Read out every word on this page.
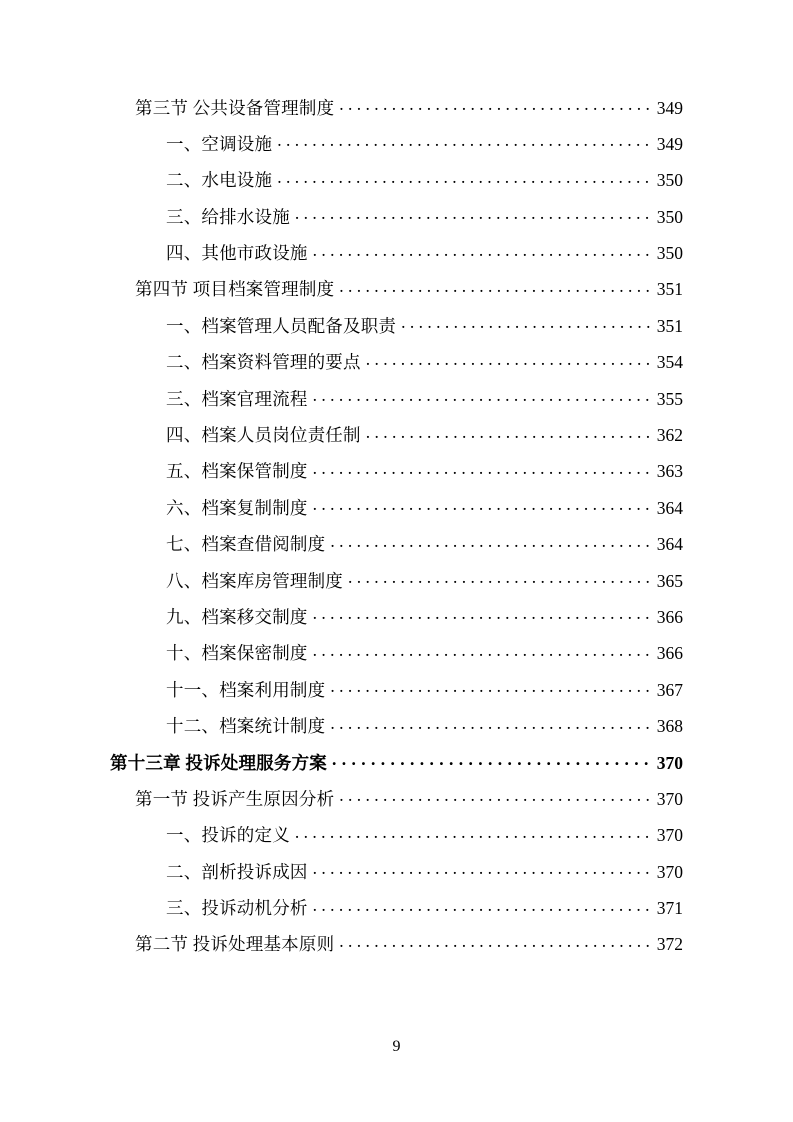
第三节 公共设备管理制度 . . .	349
一、空调设施 . . .	349
二、水电设施 . . .	350
三、给排水设施 . . .	350
四、其他市政设施 . . .	350
第四节 项目档案管理制度 . . .	351
一、档案管理人员配备及职责 . . .	351
二、档案资料管理的要点 . . .	354
三、档案官理流程 . . .	355
四、档案人员岗位责任制 . . .	362
五、档案保管制度 . . .	363
六、档案复制制度 . . .	364
七、档案查借阅制度 . . .	364
八、档案库房管理制度 . . .	365
九、档案移交制度 . . .	366
十、档案保密制度 . . .	366
十一、档案利用制度 . . .	367
十二、档案统计制度 . . .	368
第十三章 投诉处理服务方案 . . .	370
第一节 投诉产生原因分析 . . .	370
一、投诉的定义 . . .	370
二、剖析投诉成因 . . .	370
三、投诉动机分析 . . .	371
第二节 投诉处理基本原则 . . .	372
9
